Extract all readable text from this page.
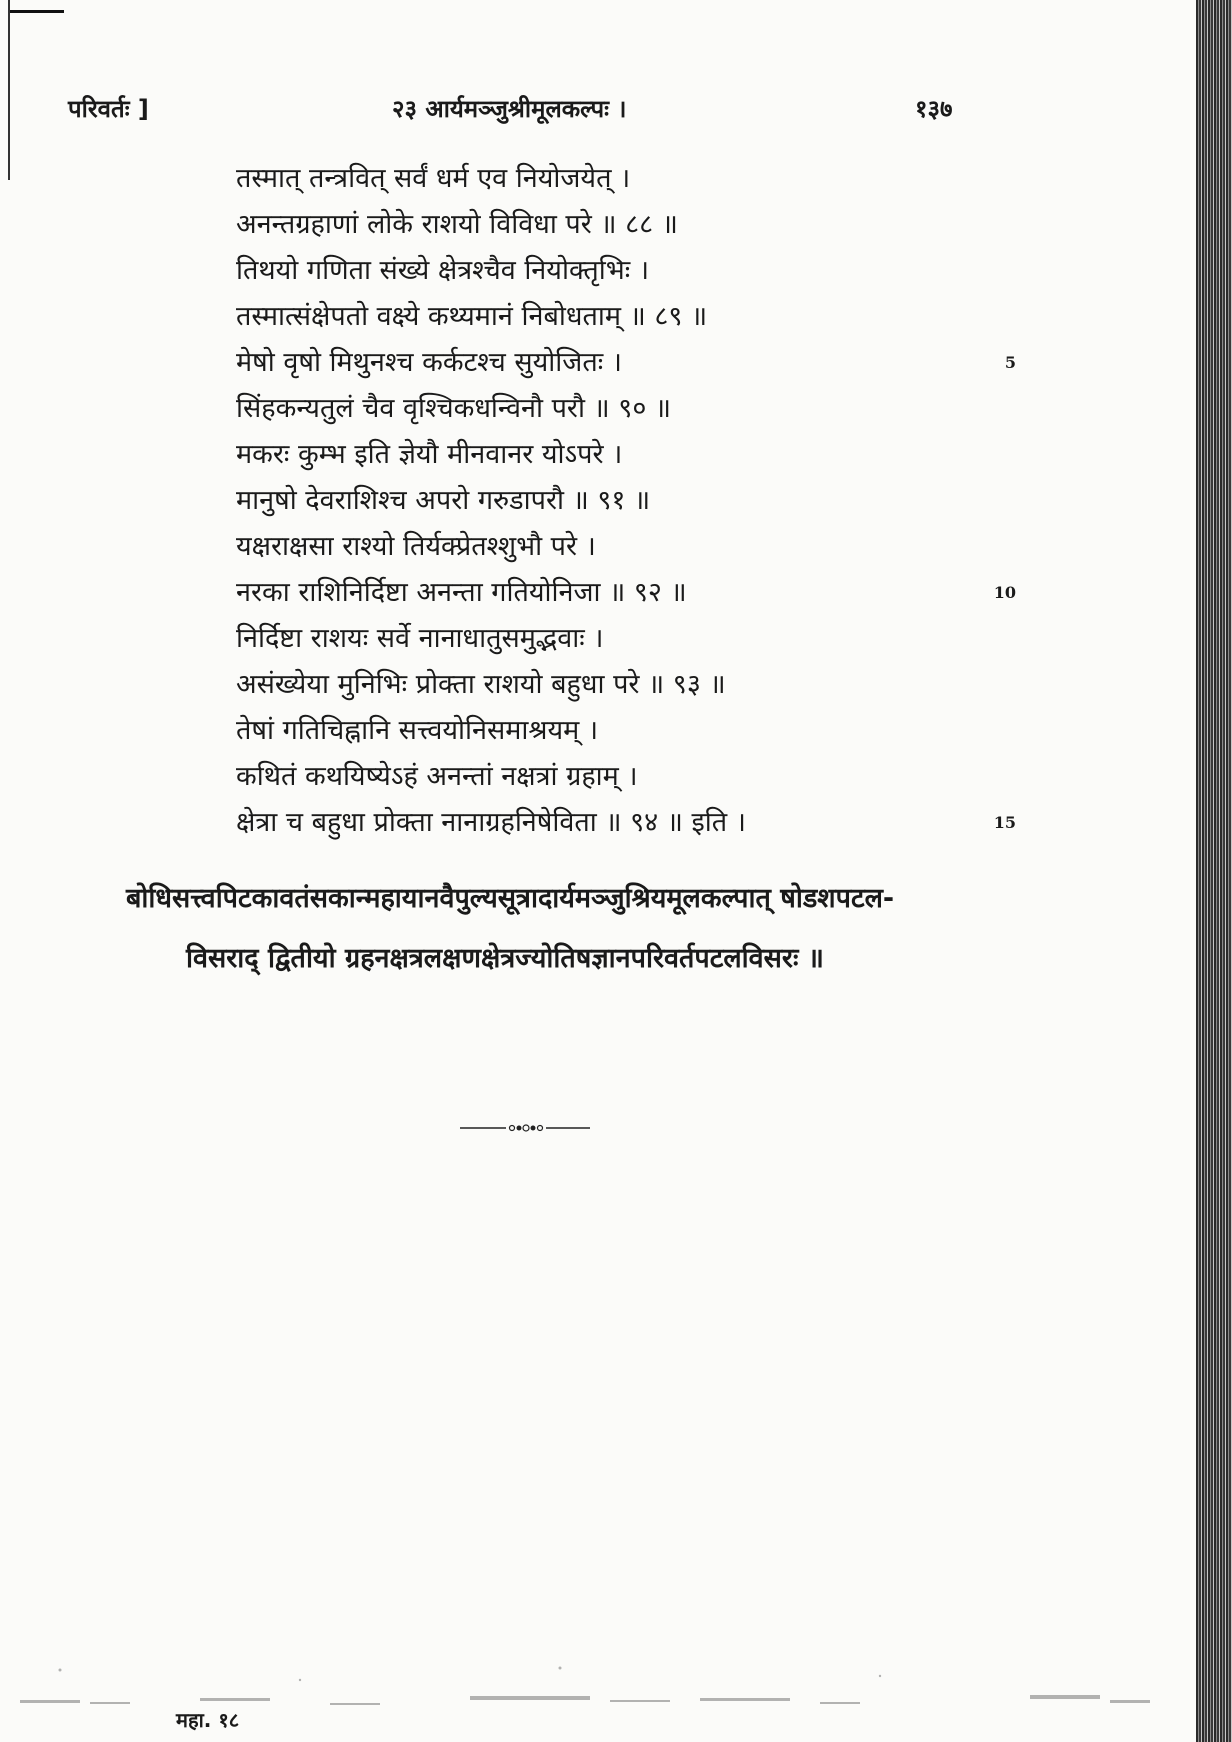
परिवर्तः ]	२३ आर्यमञ्जुश्रीमूलकल्पः ।	१३७
तस्मात् तन्त्रवित् सर्वं धर्म एव नियोजयेत् ।
अनन्तग्रहाणां लोके राशयो विविधा परे ॥ ८८ ॥
तिथयो गणिता संख्ये क्षेत्रश्चैव नियोक्तृभिः ।
तस्मात्संक्षेपतो वक्ष्ये कथ्यमानं निबोधताम् ॥ ८९ ॥
मेषो वृषो मिथुनश्च कर्कटश्च सुयोजितः ।	5
सिंहकन्यतुलं चैव वृश्चिकधन्विनौ परौ ॥ ९० ॥
मकरः कुम्भ इति ज्ञेयौ मीनवानर योऽपरे ।
मानुषो देवराशिश्च अपरो गरुडापरौ ॥ ९१ ॥
यक्षराक्षसा राश्यो तिर्यक्प्रेतश्शुभौ परे ।
नरका राशिनिर्दिष्टा अनन्ता गतियोनिजा ॥ ९२ ॥	10
निर्दिष्टा राशयः सर्वे नानाधातुसमुद्भवाः ।
असंख्येया मुनिभिः प्रोक्ता राशयो बहुधा परे ॥ ९३ ॥
तेषां गतिचिह्नानि सत्त्वयोनिसमाश्रयम् ।
कथितं कथयिष्येऽहं अनन्तां नक्षत्रां ग्रहाम् ।
क्षेत्रा च बहुधा प्रोक्ता नानाग्रहनिषेविता ॥ ९४ ॥ इति ।	15
बोधिसत्त्वपिटकावतंसकान्महायानवैपुल्यसूत्रादार्यमञ्जुश्रियमूलकल्पात् षोडशपटल-
विसराद् द्वितीयो ग्रहनक्षत्रलक्षणक्षेत्रज्योतिषज्ञानपरिवर्तपटलविसरः ॥
महा. १८
